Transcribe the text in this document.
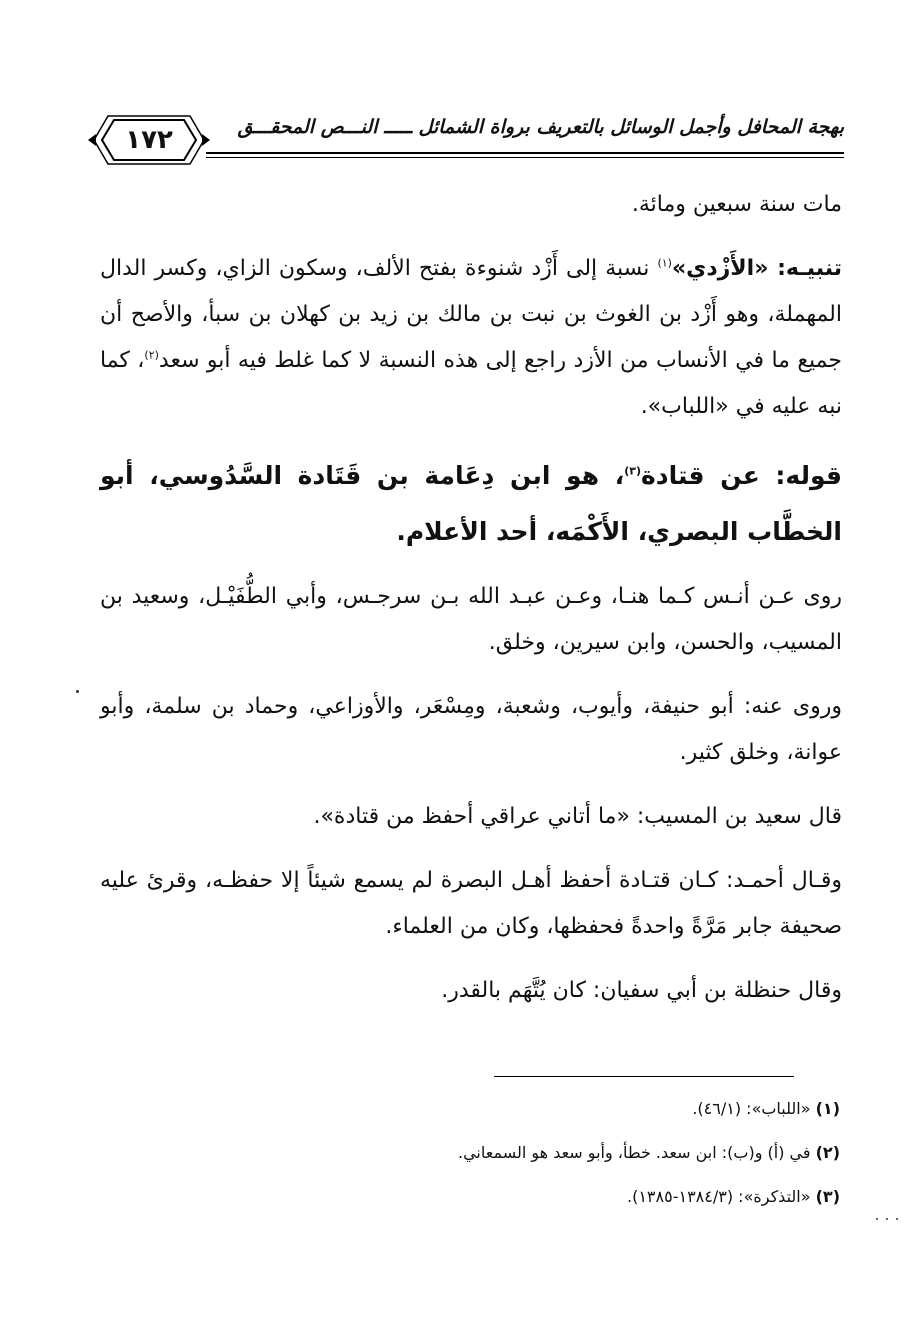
١٧٢	بهجة المحافل وأجمل الوسائل بالتعريف برواة الشمائل ـــــ النـــص المحقـــق

مات سنة سبعين ومائة.

تنبيـه: «الأَزْدي»$^{(١)}$ نسبة إلى أَزْد شنوءة بفتح الألف، وسكون الزاي، وكسر الدال المهملة، وهو أَزْد بن الغوث بن نبت بن مالك بن زيد بن كهلان بن سبأ، والأصح أن جميع ما في الأنساب من الأزد راجع إلى هذه النسبة لا كما غلط فيه أبو سعد$^{(٢)}$، كما نبه عليه في «اللباب».

قوله: عن قتادة$^{(٣)}$، هو ابن دِعَامة بن قَتَادة السَّدُوسي، أبو الخطَّاب البصري، الأَكْمَه، أحد الأعلام.

روى عـن أنـس كـما هنـا، وعـن عبـد الله بـن سرجـس، وأبي الطُّفَيْـل، وسعيد بن المسيب، والحسن، وابن سيرين، وخلق.

وروى عنه: أبو حنيفة، وأيوب، وشعبة، ومِسْعَر، والأوزاعي، وحماد بن سلمة، وأبو عوانة، وخلق كثير.

قال سعيد بن المسيب: «ما أتاني عراقي أحفظ من قتادة».

وقـال أحمـد: كـان قتـادة أحفظ أهـل البصرة لم يسمع شيئاً إلا حفظـه، وقرئ عليه صحيفة جابر مَرَّةً واحدةً فحفظها، وكان من العلماء.

وقال حنظلة بن أبي سفيان: كان يُتَّهَم بالقدر.

(١) «اللباب»: (٤٦/١).

(٢) في (أ) و(ب): ابن سعد. خطأ، وأبو سعد هو السمعاني.

(٣) «التذكرة»: (١٣٨٤/٣-١٣٨٥).
